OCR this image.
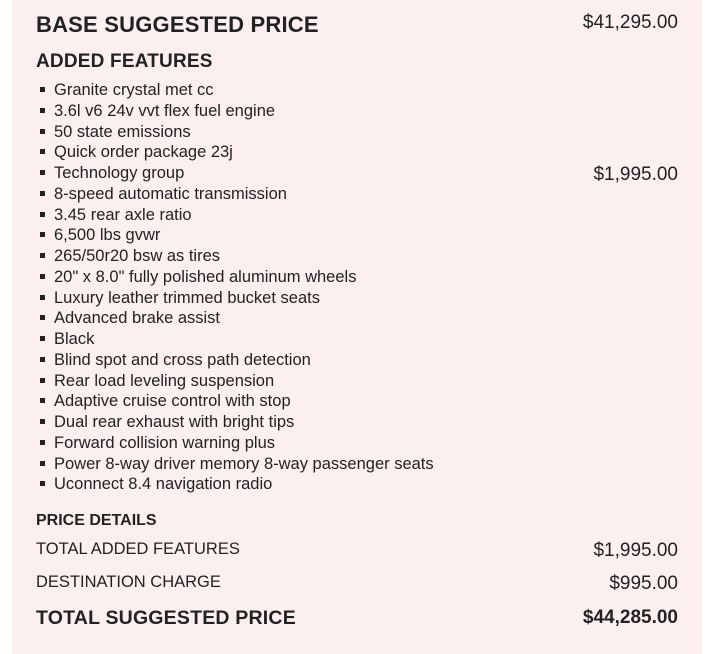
BASE SUGGESTED PRICE	$41,295.00
ADDED FEATURES
Granite crystal met cc
3.6l v6 24v vvt flex fuel engine
50 state emissions
Quick order package 23j
Technology group
8-speed automatic transmission
3.45 rear axle ratio
6,500 lbs gvwr
265/50r20 bsw as tires
20" x 8.0" fully polished aluminum wheels
Luxury leather trimmed bucket seats
Advanced brake assist
Black
Blind spot and cross path detection
Rear load leveling suspension
Adaptive cruise control with stop
Dual rear exhaust with bright tips
Forward collision warning plus
Power 8-way driver memory 8-way passenger seats
Uconnect 8.4 navigation radio
$1,995.00
PRICE DETAILS
TOTAL ADDED FEATURES	$1,995.00
DESTINATION CHARGE	$995.00
TOTAL SUGGESTED PRICE	$44,285.00
